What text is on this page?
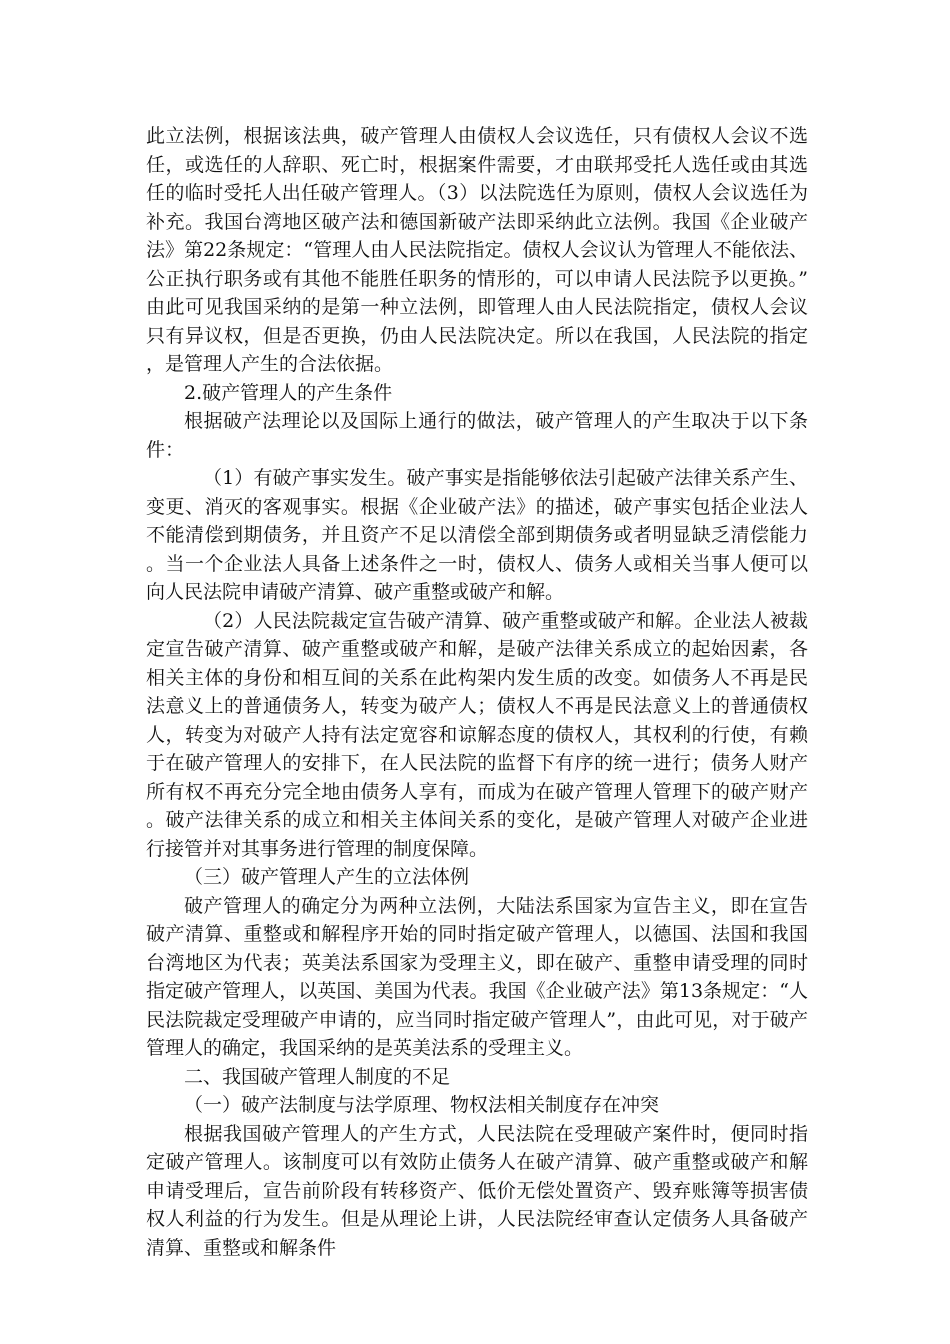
此立法例，根据该法典，破产管理人由债权人会议选任，只有债权人会议不选任，或选任的人辞职、死亡时，根据案件需要，才由联邦受托人选任或由其选任的临时受托人出任破产管理人。（3）以法院选任为原则，债权人会议选任为补充。我国台湾地区破产法和德国新破产法即采纳此立法例。我国《企业破产法》第22条规定：“管理人由人民法院指定。债权人会议认为管理人不能依法、公正执行职务或有其他不能胜任职务的情形的，可以申请人民法院予以更换。”由此可见我国采纳的是第一种立法例，即管理人由人民法院指定，债权人会议只有异议权，但是否更换，仍由人民法院决定。所以在我国，人民法院的指定，是管理人产生的合法依据。

2.破产管理人的产生条件

根据破产法理论以及国际上通行的做法，破产管理人的产生取决于以下条件：

（1）有破产事实发生。破产事实是指能够依法引起破产法律关系产生、变更、消灭的客观事实。根据《企业破产法》的描述，破产事实包括企业法人不能清偿到期债务，并且资产不足以清偿全部到期债务或者明显缺乏清偿能力。当一个企业法人具备上述条件之一时，债权人、债务人或相关当事人便可以向人民法院申请破产清算、破产重整或破产和解。

（2）人民法院裁定宣告破产清算、破产重整或破产和解。企业法人被裁定宣告破产清算、破产重整或破产和解，是破产法律关系成立的起始因素，各相关主体的身份和相互间的关系在此构架内发生质的改变。如债务人不再是民法意义上的普通债务人，转变为破产人；债权人不再是民法意义上的普通债权人，转变为对破产人持有法定宽容和谅解态度的债权人，其权利的行使，有赖于在破产管理人的安排下，在人民法院的监督下有序的统一进行；债务人财产所有权不再充分完全地由债务人享有，而成为在破产管理人管理下的破产财产。破产法律关系的成立和相关主体间关系的变化，是破产管理人对破产企业进行接管并对其事务进行管理的制度保障。

（三）破产管理人产生的立法体例

破产管理人的确定分为两种立法例，大陆法系国家为宣告主义，即在宣告破产清算、重整或和解程序开始的同时指定破产管理人，以德国、法国和我国台湾地区为代表；英美法系国家为受理主义，即在破产、重整申请受理的同时指定破产管理人，以英国、美国为代表。我国《企业破产法》第13条规定：“人民法院裁定受理破产申请的，应当同时指定破产管理人”，由此可见，对于破产管理人的确定，我国采纳的是英美法系的受理主义。

二、我国破产管理人制度的不足

（一）破产法制度与法学原理、物权法相关制度存在冲突

根据我国破产管理人的产生方式，人民法院在受理破产案件时，便同时指定破产管理人。该制度可以有效防止债务人在破产清算、破产重整或破产和解申请受理后，宣告前阶段有转移资产、低价无偿处置资产、毁弃账簿等损害债权人利益的行为发生。但是从理论上讲，人民法院经审查认定债务人具备破产清算、重整或和解条件
